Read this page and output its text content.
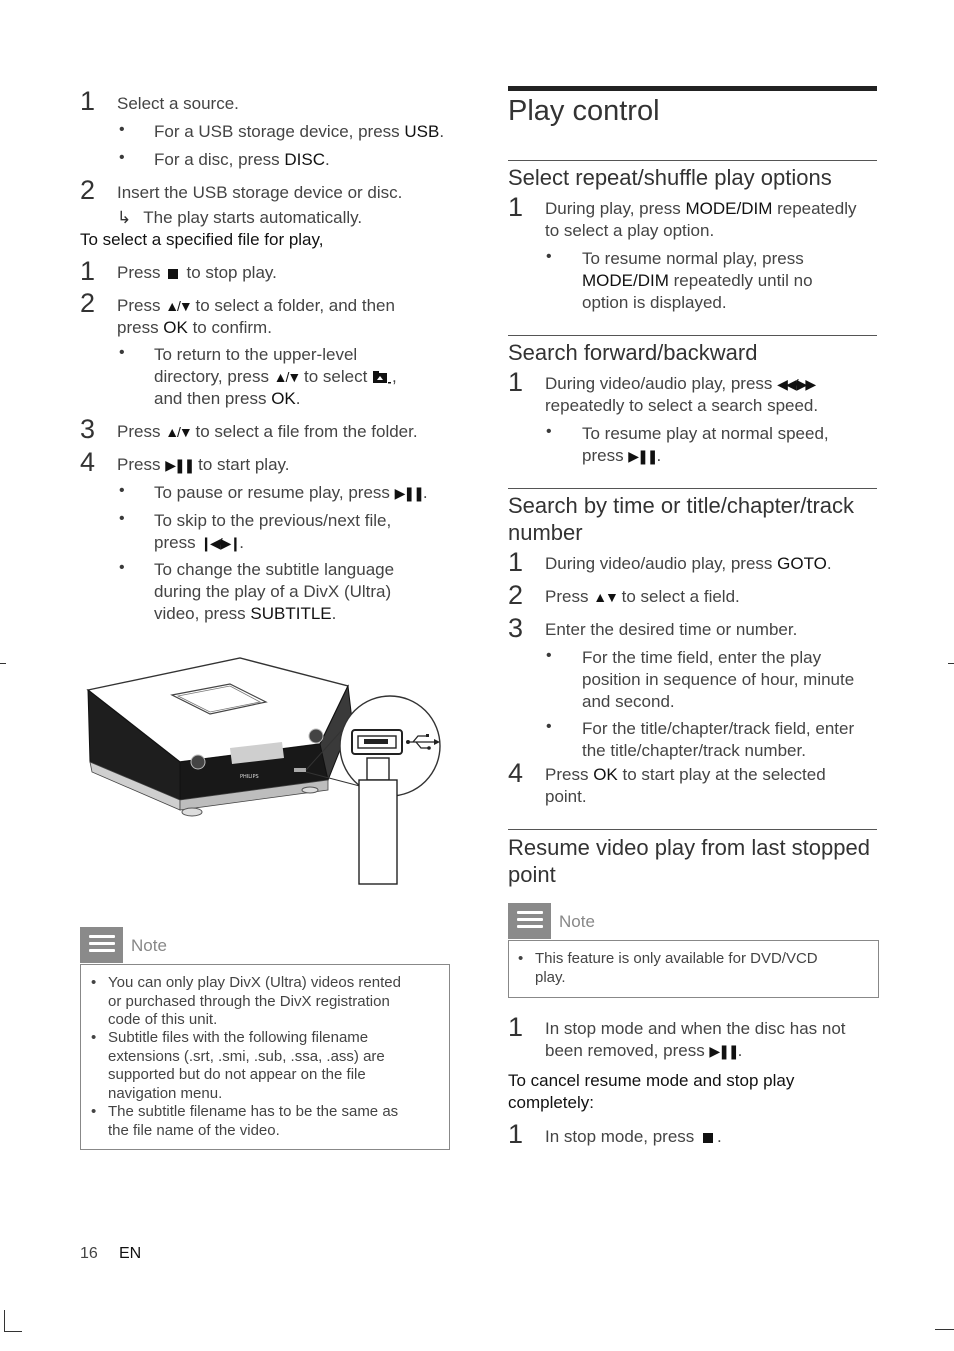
1 Select a source.
• For a USB storage device, press USB.
• For a disc, press DISC.
2 Insert the USB storage device or disc.
↳ The play starts automatically.
To select a specified file for play,
1 Press to stop play.
2 Press ▲/▼ to select a folder, and then
press OK to confirm.
• To return to the upper-level
directory, press ▲/▼ to select ,
and then press OK.
3 Press ▲/▼ to select a file from the folder.
4 Press ▶❚❚ to start play.
• To pause or resume play, press ▶❚❚.
• To skip to the previous/next file,
press ❙◀/▶❙.
• To change the subtitle language
during the play of a DivX (Ultra)
video, press SUBTITLE.
PHILIPS
Note
• You can only play DivX (Ultra) videos rented
or purchased through the DivX registration
code of this unit.
• Subtitle files with the following filename
extensions (.srt, .smi, .sub, .ssa, .ass) are
supported but do not appear on the file
navigation menu.
• The subtitle filename has to be the same as
the file name of the video.
Play control
Select repeat/shuffle play options
1 During play, press MODE/DIM repeatedly
to select a play option.
• To resume normal play, press
MODE/DIM repeatedly until no
option is displayed.
Search forward/backward
1 During video/audio play, press ◀◀/▶▶
repeatedly to select a search speed.
• To resume play at normal speed,
press ▶❚❚.
Search by time or title/chapter/track
number
1 During video/audio play, press GOTO.
2 Press ▲▼ to select a field.
3 Enter the desired time or number.
• For the time field, enter the play
position in sequence of hour, minute
and second.
• For the title/chapter/track field, enter
the title/chapter/track number.
4 Press OK to start play at the selected
point.
Resume video play from last stopped
point
Note
• This feature is only available for DVD/VCD
play.
1 In stop mode and when the disc has not
been removed, press ▶❚❚.
To cancel resume mode and stop play
completely:
1 In stop mode, press .
16 EN
